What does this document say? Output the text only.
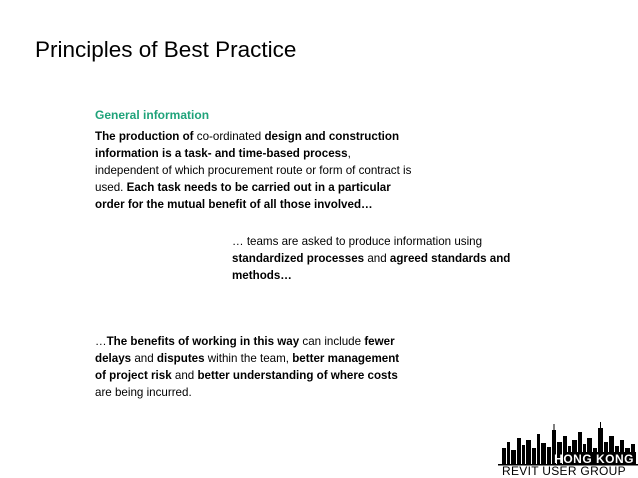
Principles of Best Practice
General information
The production of co-ordinated design and construction information is a task- and time-based process, independent of which procurement route or form of contract is used. Each task needs to be carried out in a particular order for the mutual benefit of all those involved…
… teams are asked to produce information using standardized processes and agreed standards and methods…
…The benefits of working in this way can include fewer delays and disputes within the team, better management of project risk and better understanding of where costs are being incurred.
HONG KONG
REVIT USER GROUP
